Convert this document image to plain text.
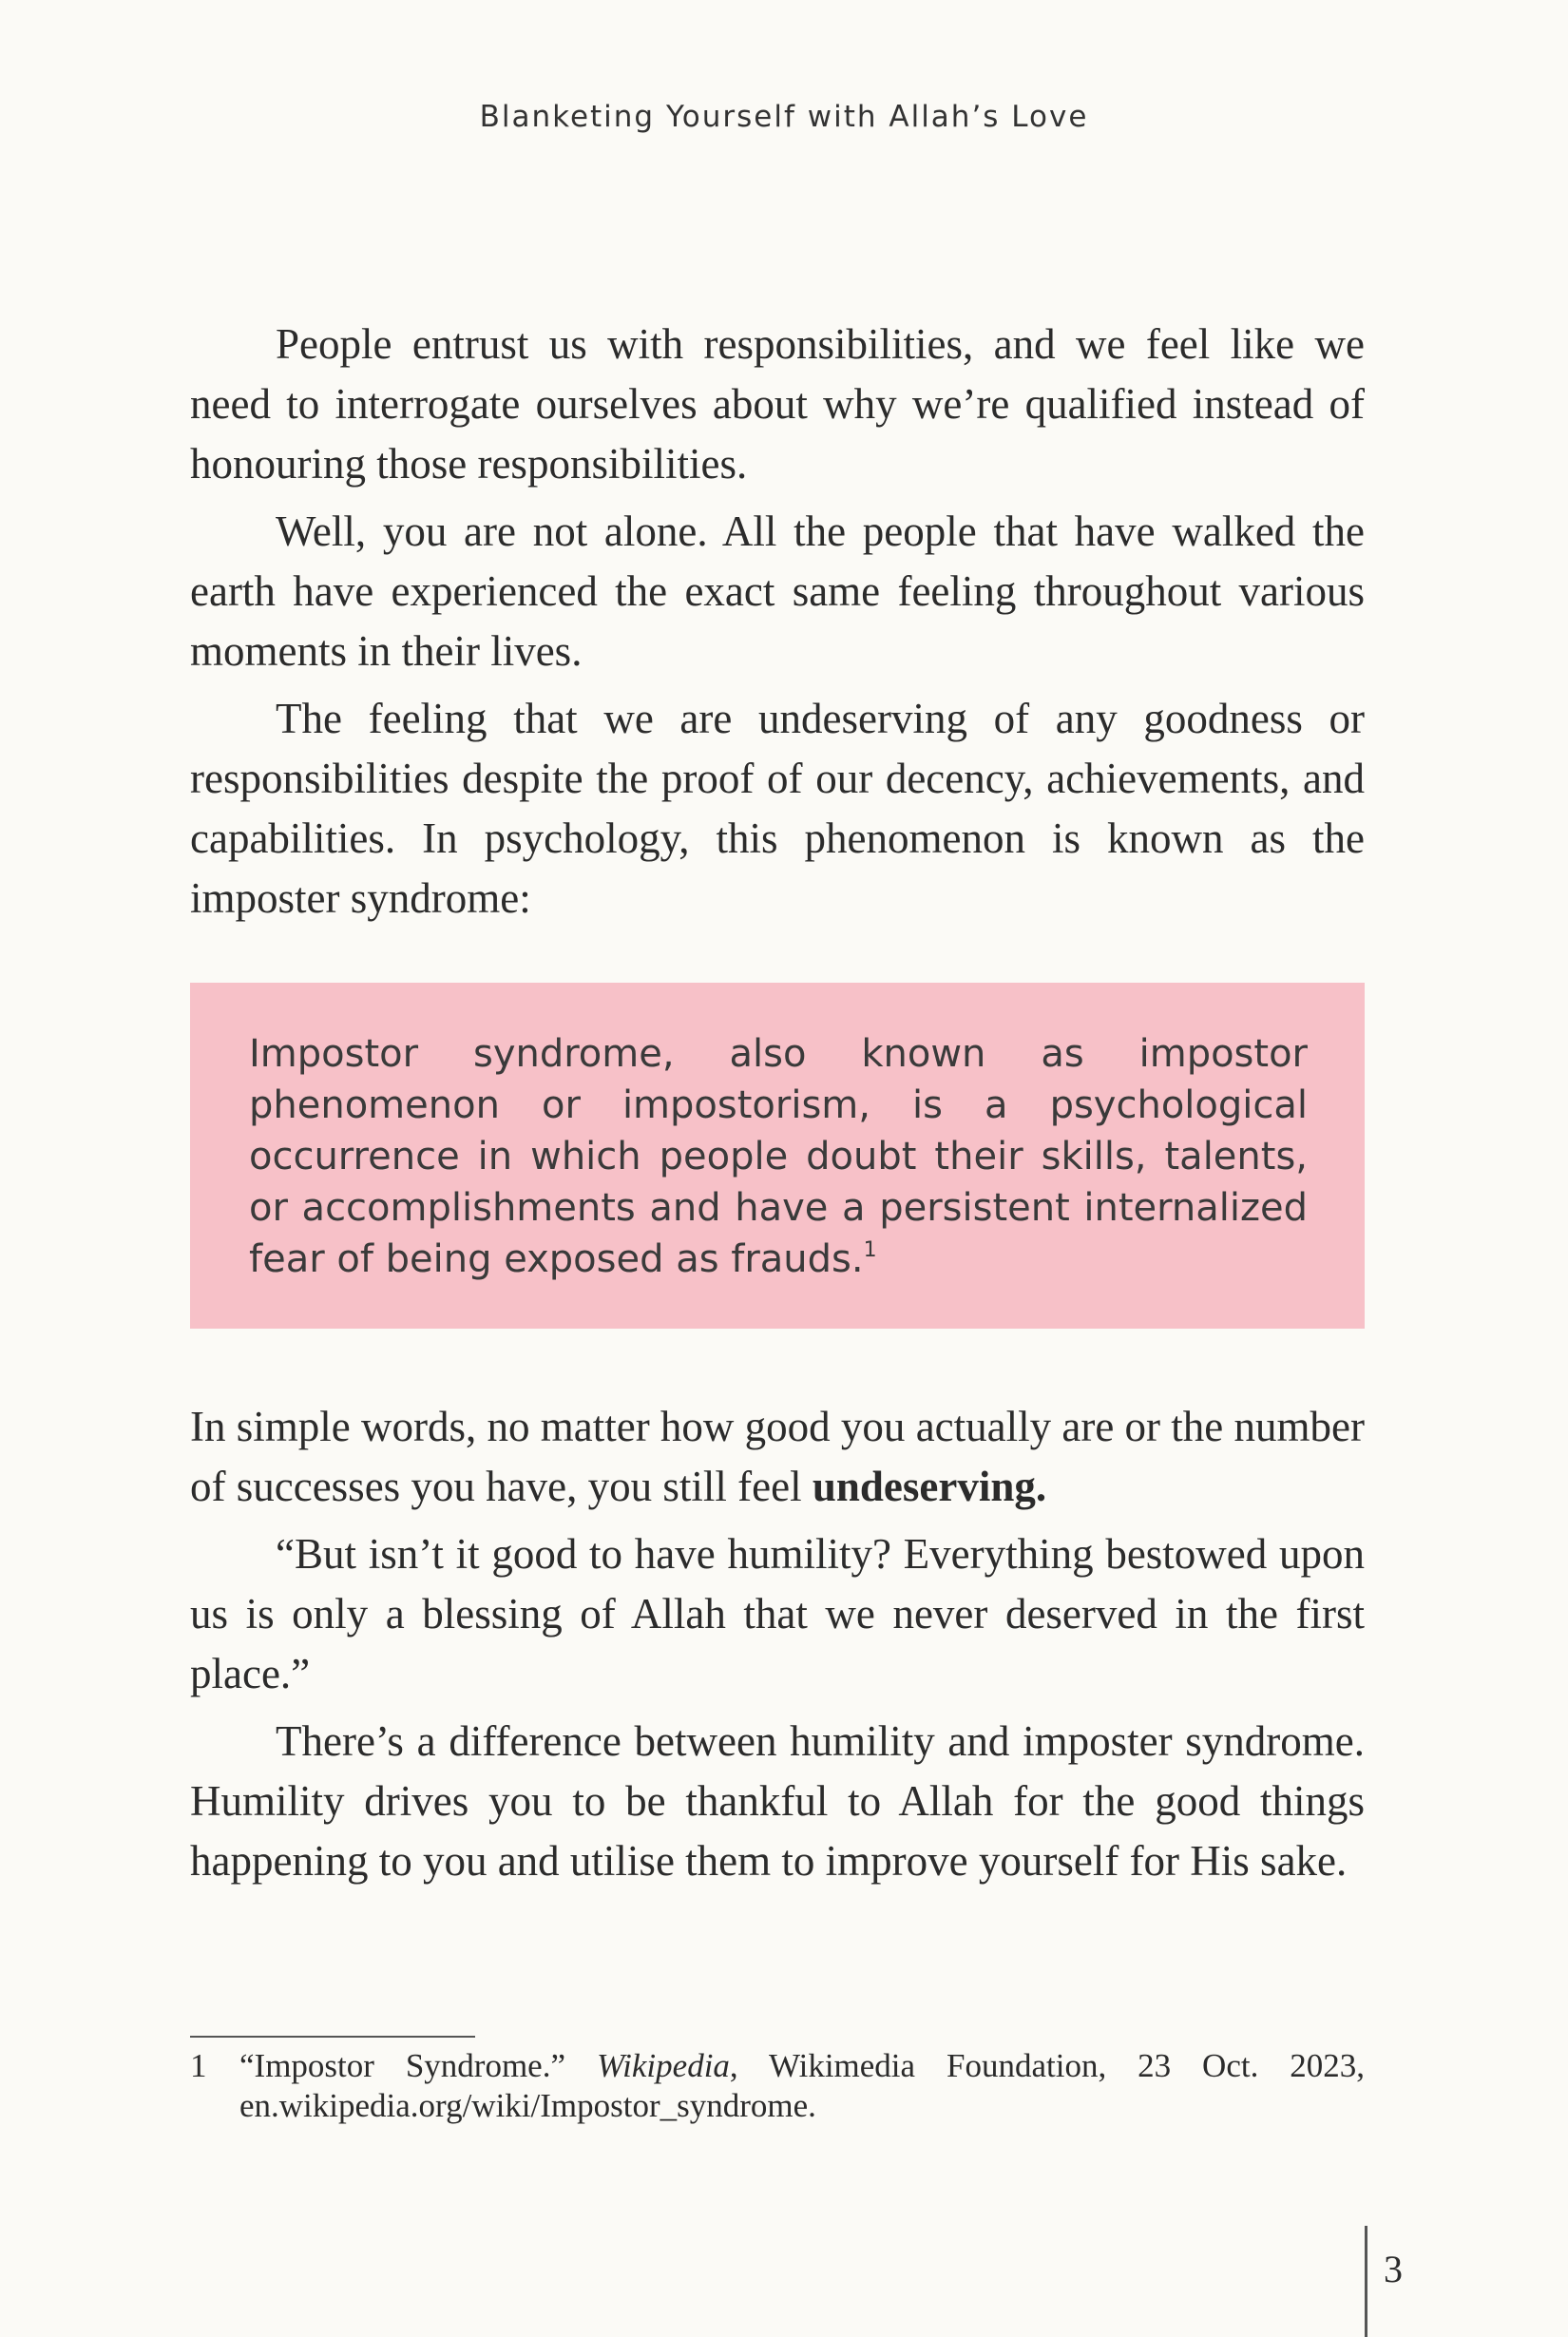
Blanketing Yourself with Allah’s Love

People entrust us with responsibilities, and we feel like we need to interrogate ourselves about why we’re qualified instead of honouring those responsibilities.

Well, you are not alone. All the people that have walked the earth have experienced the exact same feeling throughout various moments in their lives.

The feeling that we are undeserving of any goodness or responsibilities despite the proof of our decency, achievements, and capabilities. In psychology, this phenomenon is known as the imposter syndrome:

Impostor syndrome, also known as impostor phenomenon or impostorism, is a psychological occurrence in which people doubt their skills, talents, or accomplishments and have a persistent internalized fear of being exposed as frauds.$^1$

In simple words, no matter how good you actually are or the number of successes you have, you still feel undeserving.

“But isn’t it good to have humility? Everything bestowed upon us is only a blessing of Allah that we never deserved in the first place.”

There’s a difference between humility and imposter syndrome. Humility drives you to be thankful to Allah for the good things happening to you and utilise them to improve yourself for His sake.

1 “Impostor Syndrome.” Wikipedia, Wikimedia Foundation, 23 Oct. 2023, en.wikipedia.org/wiki/Impostor_syndrome.
3
